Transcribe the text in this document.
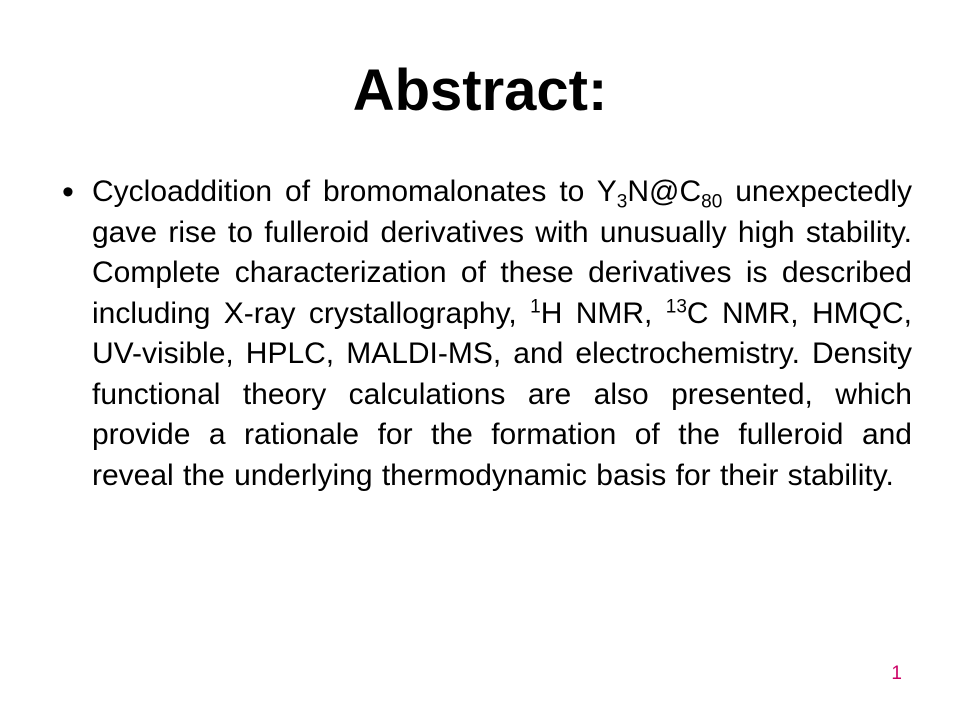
Abstract:
• Cycloaddition of bromomalonates to $Y_3N@C_{80}$ unexpectedly gave rise to fulleroid derivatives with unusually high stability. Complete characterization of these derivatives is described including X-ray crystallography, $^1$H NMR, $^{13}$C NMR, HMQC, UV-visible, HPLC, MALDI-MS, and electrochemistry. Density functional theory calculations are also presented, which provide a rationale for the formation of the fulleroid and reveal the underlying thermodynamic basis for their stability.
1
